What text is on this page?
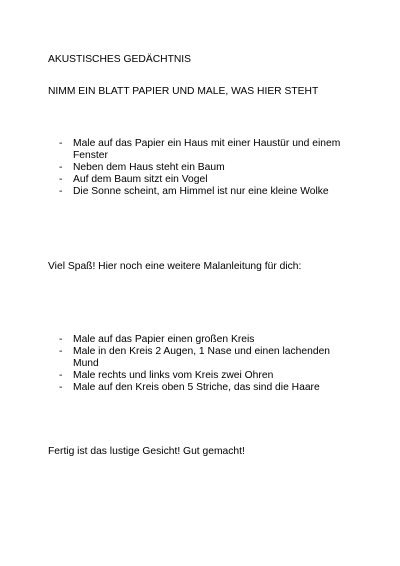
AKUSTISCHES GEDÄCHTNIS
NIMM EIN BLATT PAPIER UND MALE, WAS HIER STEHT
- Male auf das Papier ein Haus mit einer Haustür und einem Fenster
- Neben dem Haus steht ein Baum
- Auf dem Baum sitzt ein Vogel
- Die Sonne scheint, am Himmel ist nur eine kleine Wolke
Viel Spaß! Hier noch eine weitere Malanleitung für dich:
- Male auf das Papier einen großen Kreis
- Male in den Kreis 2 Augen, 1 Nase und einen lachenden Mund
- Male rechts und links vom Kreis zwei Ohren
- Male auf den Kreis oben 5 Striche, das sind die Haare
Fertig ist das lustige Gesicht! Gut gemacht!
